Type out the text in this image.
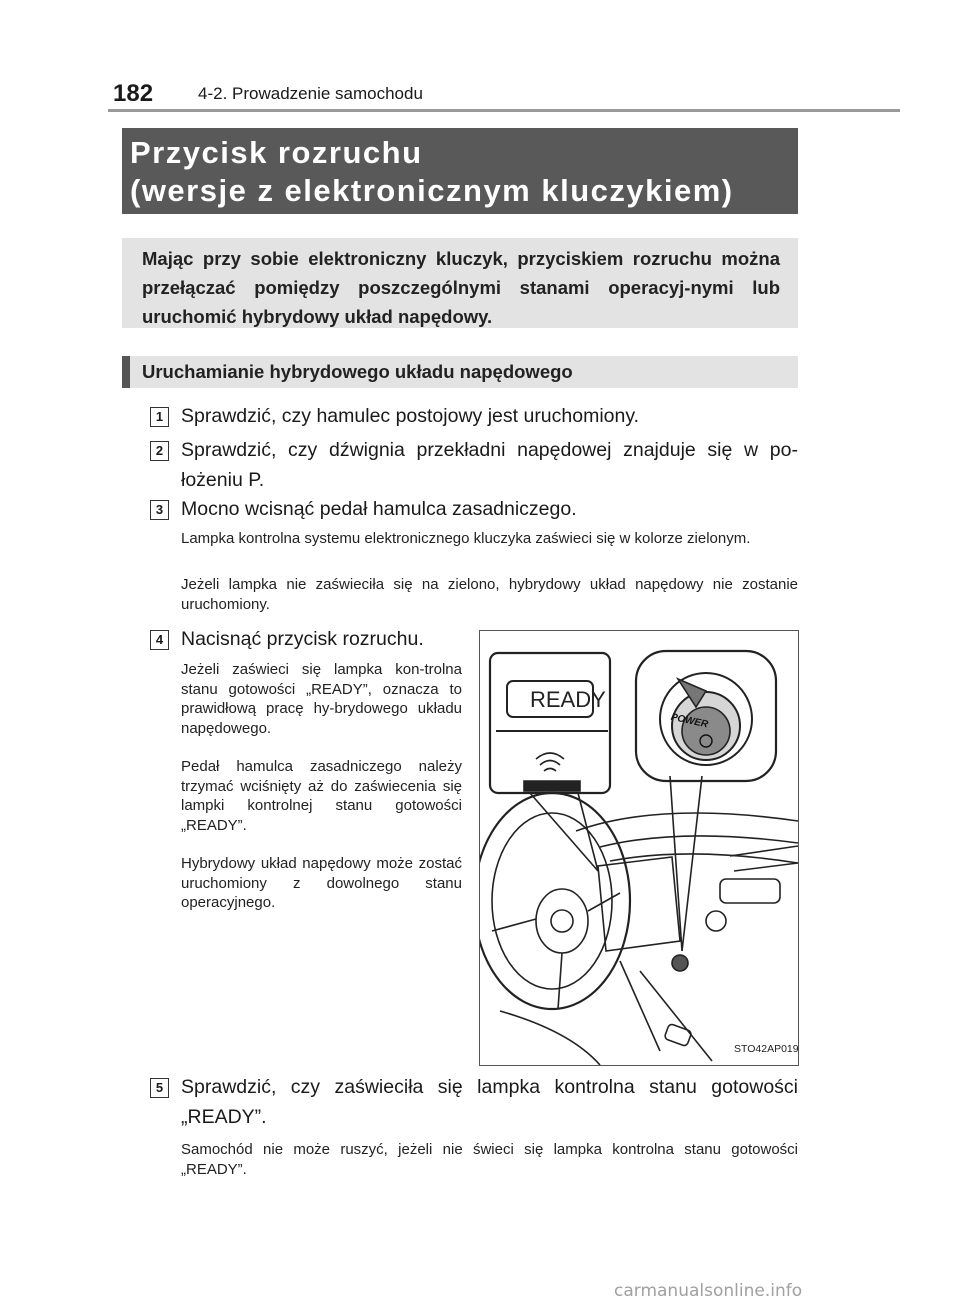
182	4-2. Prowadzenie samochodu
Przycisk rozruchu
(wersje z elektronicznym kluczykiem)
Mając przy sobie elektroniczny kluczyk, przyciskiem rozruchu można przełączać pomiędzy poszczególnymi stanami operacyj-nymi lub uruchomić hybrydowy układ napędowy.
Uruchamianie hybrydowego układu napędowego
1 Sprawdzić, czy hamulec postojowy jest uruchomiony.
2 Sprawdzić, czy dźwignia przekładni napędowej znajduje się w po-łożeniu P.
3 Mocno wcisnąć pedał hamulca zasadniczego.
Lampka kontrolna systemu elektronicznego kluczyka zaświeci się w kolorze zielonym.
Jeżeli lampka nie zaświeciła się na zielono, hybrydowy układ napędowy nie zostanie uruchomiony.
4 Nacisnąć przycisk rozruchu.
Jeżeli zaświeci się lampka kon-trolna stanu gotowości „READY”, oznacza to prawidłową pracę hy-brydowego układu napędowego.
Pedał hamulca zasadniczego należy trzymać wciśnięty aż do zaświecenia się lampki kontrolnej stanu gotowości „READY”.
Hybrydowy układ napędowy może zostać uruchomiony z dowolnego stanu operacyjnego.
READY
POWER
STO42AP019
5 Sprawdzić, czy zaświeciła się lampka kontrolna stanu gotowości „READY”.
Samochód nie może ruszyć, jeżeli nie świeci się lampka kontrolna stanu gotowości „READY”.
carmanualsonline.info
